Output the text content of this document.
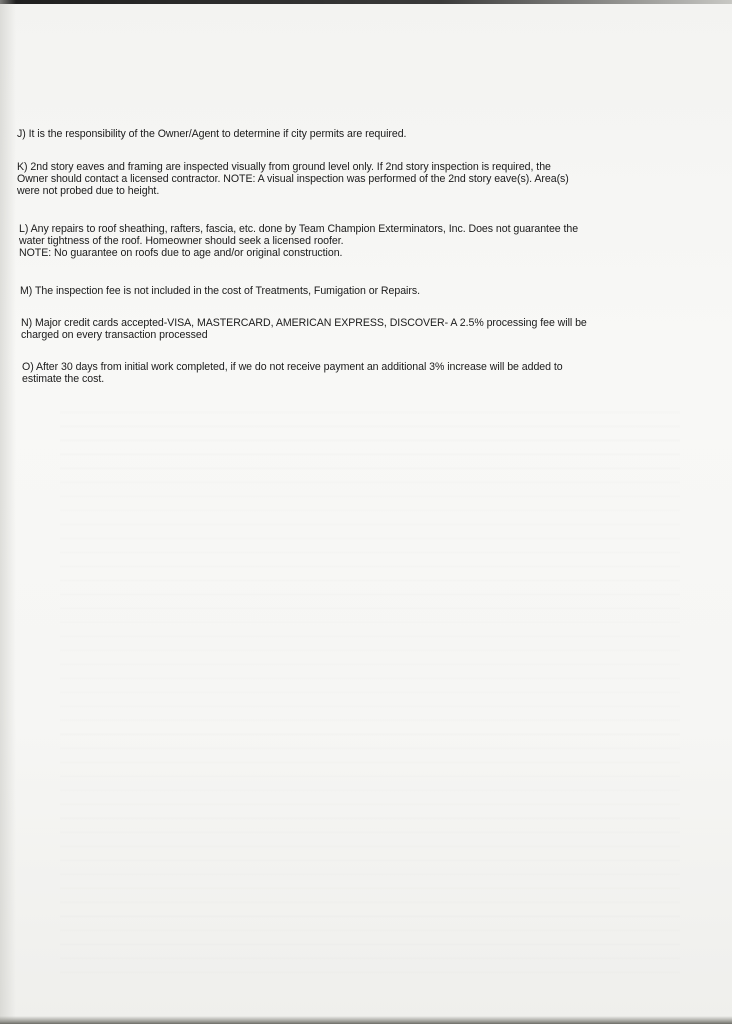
J) It is the responsibility of the Owner/Agent to determine if city permits are required.

K) 2nd story eaves and framing are inspected visually from ground level only. If 2nd story inspection is required, the
Owner should contact a licensed contractor. NOTE: A visual inspection was performed of the 2nd story eave(s). Area(s)
were not probed due to height.

L) Any repairs to roof sheathing, rafters, fascia, etc. done by Team Champion Exterminators, Inc. Does not guarantee the
water tightness of the roof. Homeowner should seek a licensed roofer.
NOTE: No guarantee on roofs due to age and/or original construction.

M) The inspection fee is not included in the cost of Treatments, Fumigation or Repairs.

N) Major credit cards accepted-VISA, MASTERCARD, AMERICAN EXPRESS, DISCOVER- A 2.5% processing fee will be
charged on every transaction processed

O) After 30 days from initial work completed, if we do not receive payment an additional 3% increase will be added to
estimate the cost.
